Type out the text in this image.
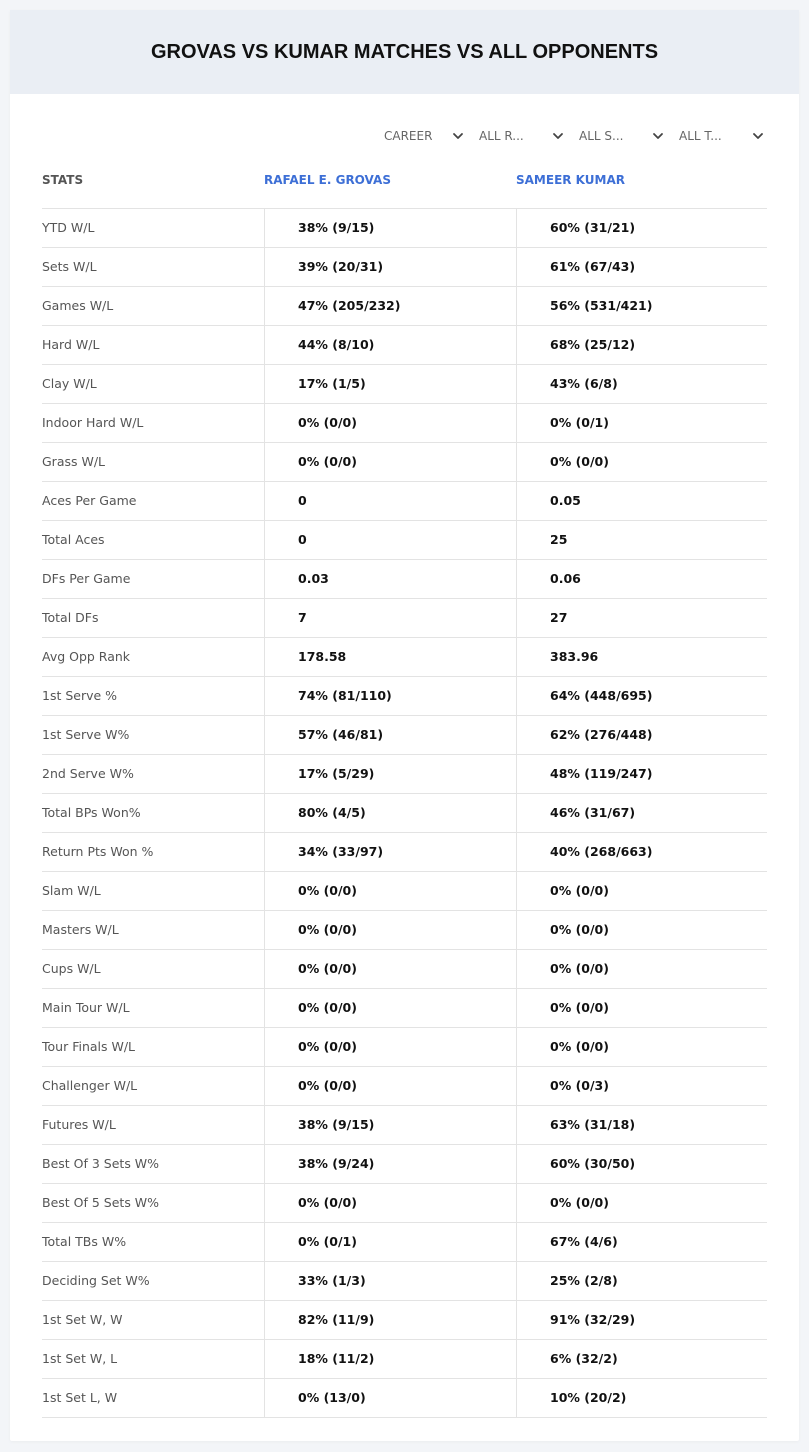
GROVAS VS KUMAR MATCHES VS ALL OPPONENTS
CAREER	ALL R...	ALL S...	ALL T...
STATS	RAFAEL E. GROVAS	SAMEER KUMAR
YTD W/L	38% (9/15)	60% (31/21)
Sets W/L	39% (20/31)	61% (67/43)
Games W/L	47% (205/232)	56% (531/421)
Hard W/L	44% (8/10)	68% (25/12)
Clay W/L	17% (1/5)	43% (6/8)
Indoor Hard W/L	0% (0/0)	0% (0/1)
Grass W/L	0% (0/0)	0% (0/0)
Aces Per Game	0	0.05
Total Aces	0	25
DFs Per Game	0.03	0.06
Total DFs	7	27
Avg Opp Rank	178.58	383.96
1st Serve %	74% (81/110)	64% (448/695)
1st Serve W%	57% (46/81)	62% (276/448)
2nd Serve W%	17% (5/29)	48% (119/247)
Total BPs Won%	80% (4/5)	46% (31/67)
Return Pts Won %	34% (33/97)	40% (268/663)
Slam W/L	0% (0/0)	0% (0/0)
Masters W/L	0% (0/0)	0% (0/0)
Cups W/L	0% (0/0)	0% (0/0)
Main Tour W/L	0% (0/0)	0% (0/0)
Tour Finals W/L	0% (0/0)	0% (0/0)
Challenger W/L	0% (0/0)	0% (0/3)
Futures W/L	38% (9/15)	63% (31/18)
Best Of 3 Sets W%	38% (9/24)	60% (30/50)
Best Of 5 Sets W%	0% (0/0)	0% (0/0)
Total TBs W%	0% (0/1)	67% (4/6)
Deciding Set W%	33% (1/3)	25% (2/8)
1st Set W, W	82% (11/9)	91% (32/29)
1st Set W, L	18% (11/2)	6% (32/2)
1st Set L, W	0% (13/0)	10% (20/2)
